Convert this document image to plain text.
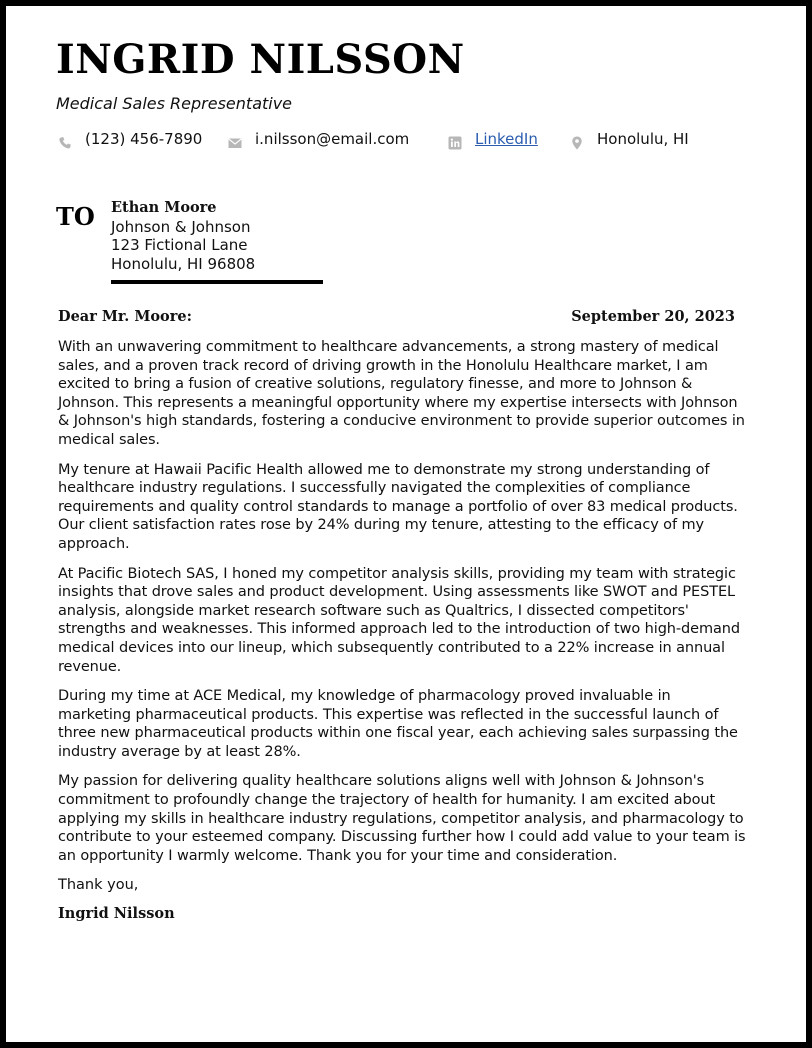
INGRID NILSSON
Medical Sales Representative
(123) 456-7890	i.nilsson@email.com	LinkedIn	Honolulu, HI
TO Ethan Moore
Johnson & Johnson
123 Fictional Lane
Honolulu, HI 96808
Dear Mr. Moore:	September 20, 2023

With an unwavering commitment to healthcare advancements, a strong mastery of medical sales, and a proven track record of driving growth in the Honolulu Healthcare market, I am excited to bring a fusion of creative solutions, regulatory finesse, and more to Johnson & Johnson. This represents a meaningful opportunity where my expertise intersects with Johnson & Johnson's high standards, fostering a conducive environment to provide superior outcomes in medical sales.

My tenure at Hawaii Pacific Health allowed me to demonstrate my strong understanding of healthcare industry regulations. I successfully navigated the complexities of compliance requirements and quality control standards to manage a portfolio of over 83 medical products. Our client satisfaction rates rose by 24% during my tenure, attesting to the efficacy of my approach.

At Pacific Biotech SAS, I honed my competitor analysis skills, providing my team with strategic insights that drove sales and product development. Using assessments like SWOT and PESTEL analysis, alongside market research software such as Qualtrics, I dissected competitors' strengths and weaknesses. This informed approach led to the introduction of two high-demand medical devices into our lineup, which subsequently contributed to a 22% increase in annual revenue.

During my time at ACE Medical, my knowledge of pharmacology proved invaluable in marketing pharmaceutical products. This expertise was reflected in the successful launch of three new pharmaceutical products within one fiscal year, each achieving sales surpassing the industry average by at least 28%.

My passion for delivering quality healthcare solutions aligns well with Johnson & Johnson's commitment to profoundly change the trajectory of health for humanity. I am excited about applying my skills in healthcare industry regulations, competitor analysis, and pharmacology to contribute to your esteemed company. Discussing further how I could add value to your team is an opportunity I warmly welcome. Thank you for your time and consideration.

Thank you,

Ingrid Nilsson
